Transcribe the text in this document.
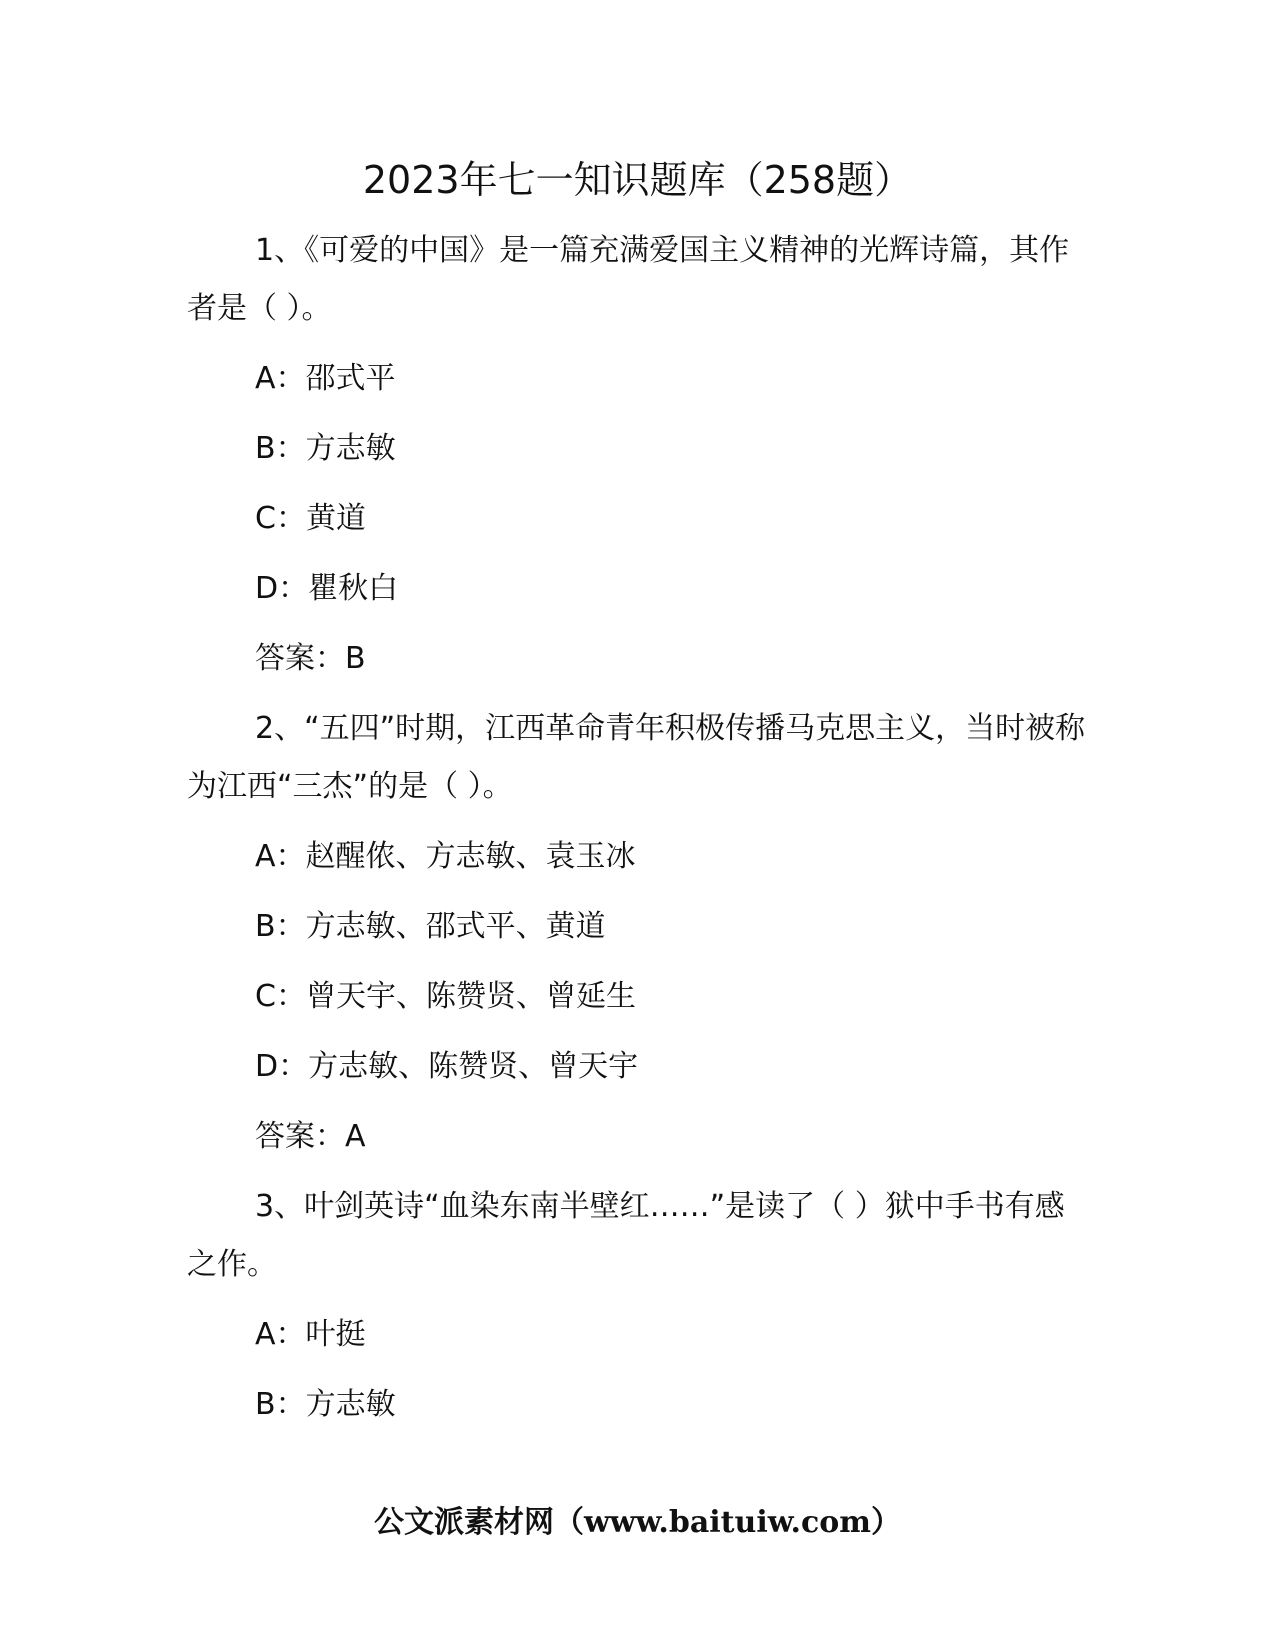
2023年七一知识题库（258题）

1、《可爱的中国》是一篇充满爱国主义精神的光辉诗篇，其作者是（ ）。

A：邵式平

B：方志敏

C：黄道

D：瞿秋白

答案：B

2、“五四”时期，江西革命青年积极传播马克思主义，当时被称为江西“三杰”的是（ ）。

A：赵醒侬、方志敏、袁玉冰

B：方志敏、邵式平、黄道

C：曾天宇、陈赞贤、曾延生

D：方志敏、陈赞贤、曾天宇

答案：A

3、叶剑英诗“血染东南半壁红……”是读了（ ）狱中手书有感之作。

A：叶挺

B：方志敏

公文派素材网（www.baituiw.com）
